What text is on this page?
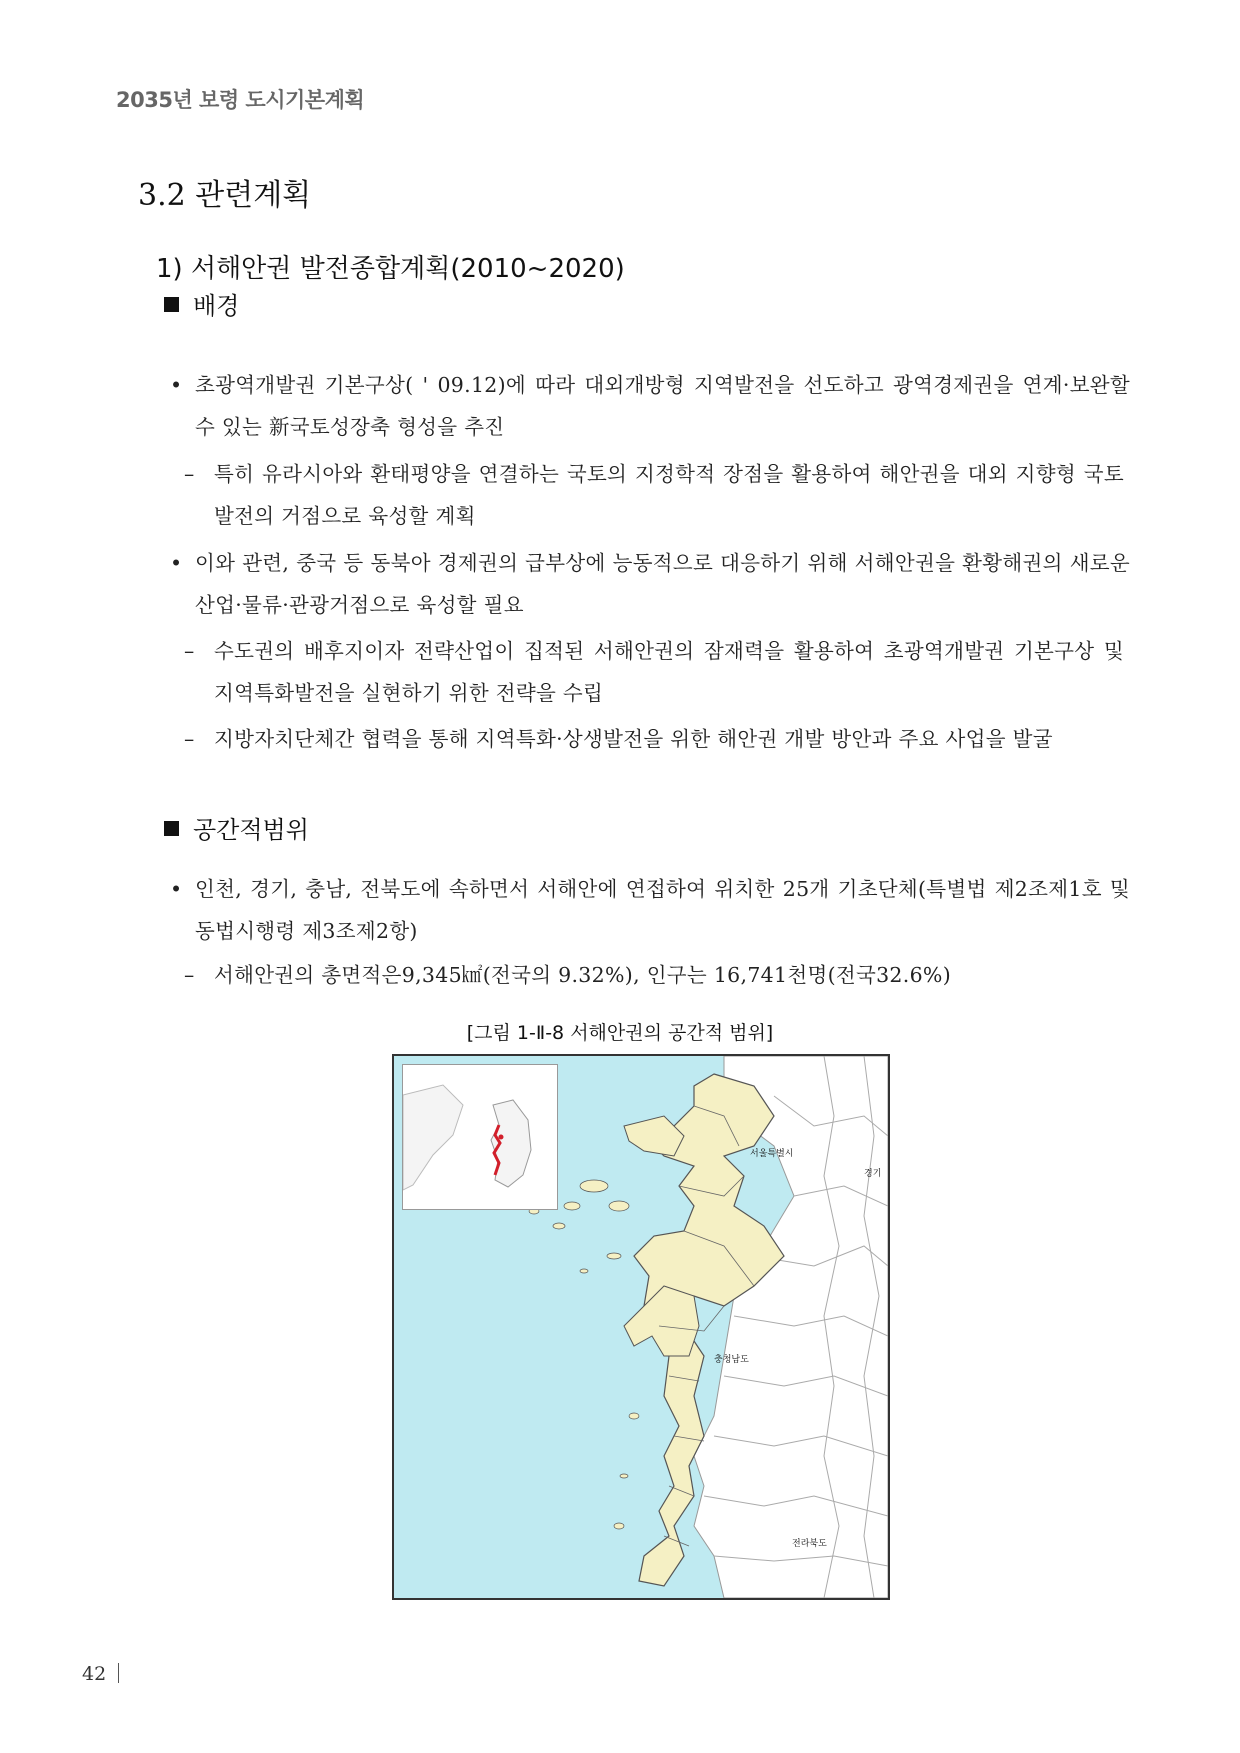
2035년 보령 도시기본계획
3.2 관련계획
1) 서해안권 발전종합계획(2010~2020)
배경
• 초광역개발권 기본구상( ' 09.12)에 따라 대외개방형 지역발전을 선도하고 광역경제권을 연계·보완할 수 있는 新국토성장축 형성을 추진
– 특히 유라시아와 환태평양을 연결하는 국토의 지정학적 장점을 활용하여 해안권을 대외 지향형 국토발전의 거점으로 육성할 계획
• 이와 관련, 중국 등 동북아 경제권의 급부상에 능동적으로 대응하기 위해 서해안권을 환황해권의 새로운 산업·물류·관광거점으로 육성할 필요
– 수도권의 배후지이자 전략산업이 집적된 서해안권의 잠재력을 활용하여 초광역개발권 기본구상 및 지역특화발전을 실현하기 위한 전략을 수립
– 지방자치단체간 협력을 통해 지역특화·상생발전을 위한 해안권 개발 방안과 주요 사업을 발굴
공간적범위
• 인천, 경기, 충남, 전북도에 속하면서 서해안에 연접하여 위치한 25개 기초단체(특별법 제2조제1호 및 동법시행령 제3조제2항)
– 서해안권의 총면적은9,345㎢(전국의 9.32%), 인구는 16,741천명(전국32.6%)
[그림 1-Ⅱ-8 서해안권의 공간적 범위]
서울특별시
충청남도
전라북도
경기
42
